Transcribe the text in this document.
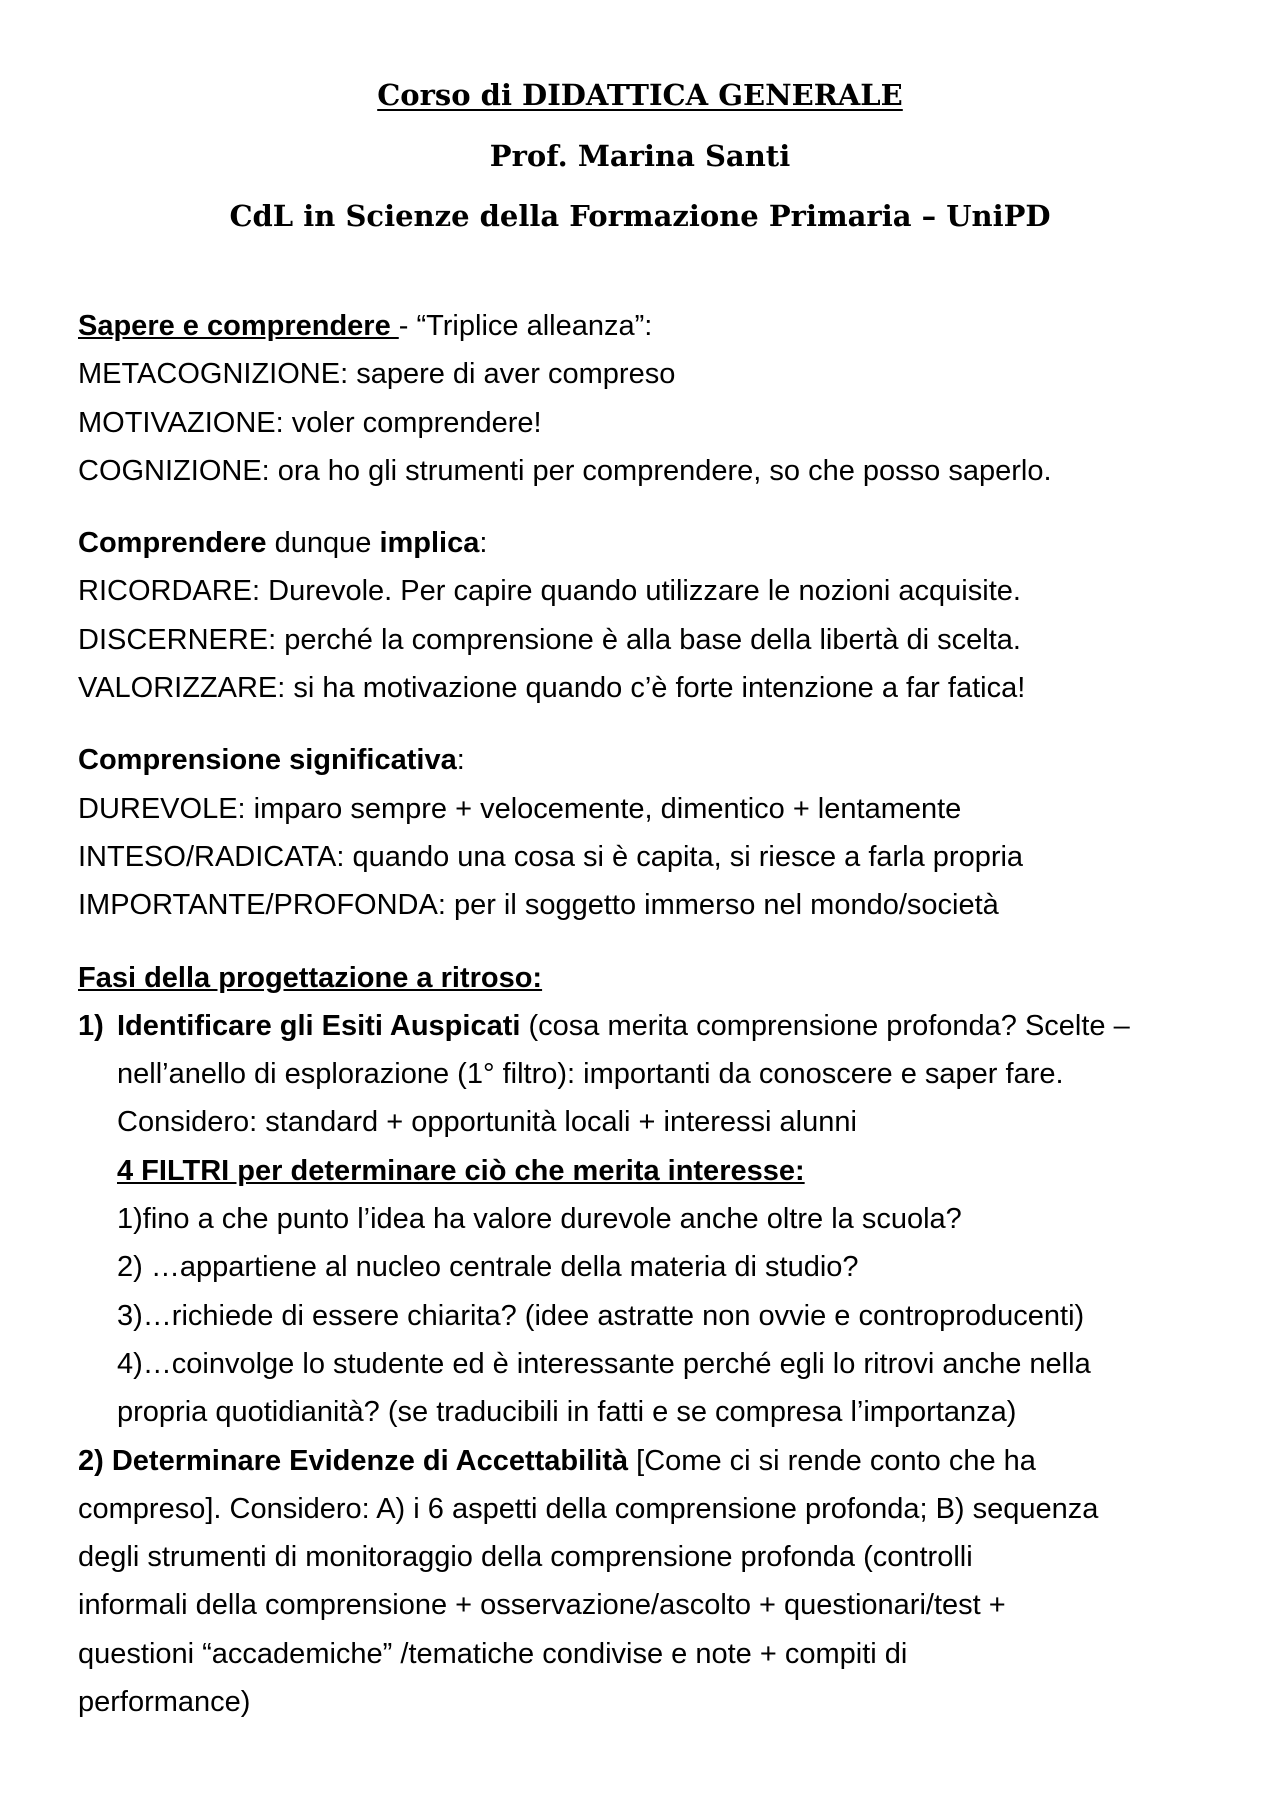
Corso di DIDATTICA GENERALE
Prof. Marina Santi
CdL in Scienze della Formazione Primaria – UniPD
Sapere e comprendere - “Triplice alleanza”:
METACOGNIZIONE: sapere di aver compreso
MOTIVAZIONE: voler comprendere!
COGNIZIONE: ora ho gli strumenti per comprendere, so che posso saperlo.
Comprendere dunque implica:
RICORDARE: Durevole. Per capire quando utilizzare le nozioni acquisite.
DISCERNERE: perché la comprensione è alla base della libertà di scelta.
VALORIZZARE: si ha motivazione quando c’è forte intenzione a far fatica!
Comprensione significativa:
DUREVOLE: imparo sempre + velocemente, dimentico + lentamente
INTESO/RADICATA: quando una cosa si è capita, si riesce a farla propria
IMPORTANTE/PROFONDA: per il soggetto immerso nel mondo/società
Fasi della progettazione a ritroso:
1) Identificare gli Esiti Auspicati (cosa merita comprensione profonda? Scelte –
nell’anello di esplorazione (1° filtro): importanti da conoscere e saper fare.
Considero: standard + opportunità locali + interessi alunni
4 FILTRI per determinare ciò che merita interesse:
1)fino a che punto l’idea ha valore durevole anche oltre la scuola?
2) …appartiene al nucleo centrale della materia di studio?
3)…richiede di essere chiarita? (idee astratte non ovvie e controproducenti)
4)…coinvolge lo studente ed è interessante perché egli lo ritrovi anche nella
propria quotidianità? (se traducibili in fatti e se compresa l’importanza)
2) Determinare Evidenze di Accettabilità [Come ci si rende conto che ha
compreso]. Considero: A) i 6 aspetti della comprensione profonda; B) sequenza
degli strumenti di monitoraggio della comprensione profonda (controlli
informali della comprensione + osservazione/ascolto + questionari/test +
questioni “accademiche” /tematiche condivise e note + compiti di
performance)
